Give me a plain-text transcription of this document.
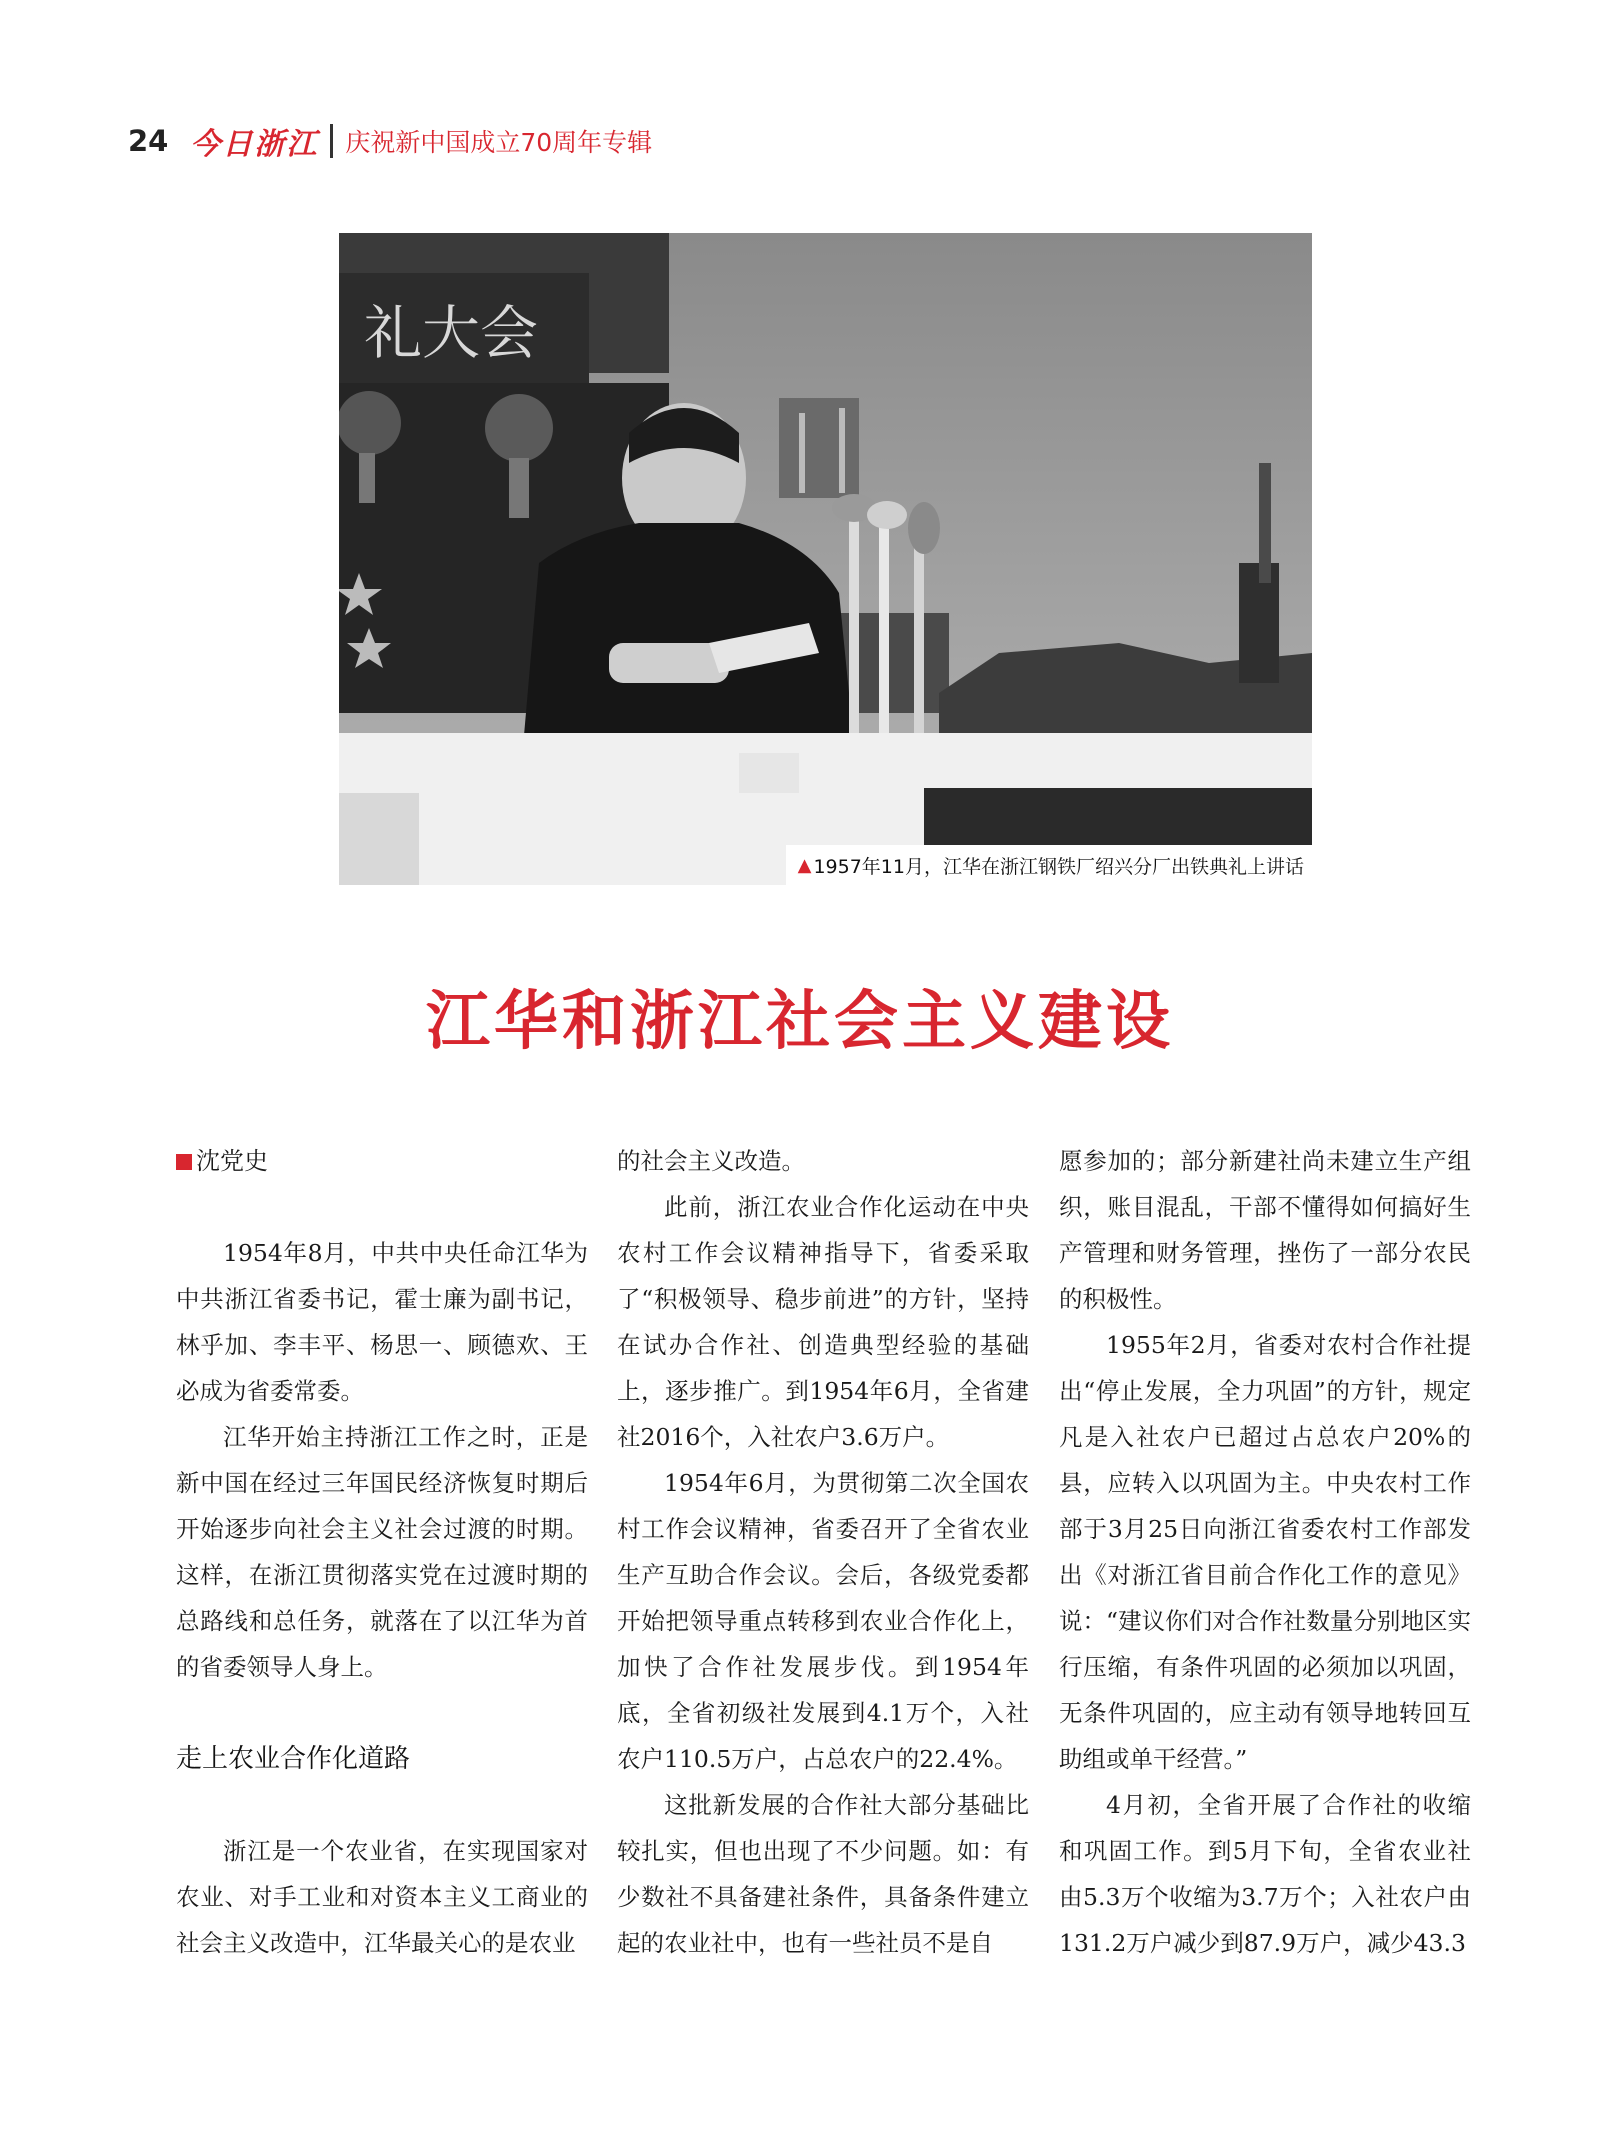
24 今日浙江 庆祝新中国成立70周年专辑
礼大会
▲ 1957年11月，江华在浙江钢铁厂绍兴分厂出铁典礼上讲话
江华和浙江社会主义建设
沈党史

1954年8月，中共中央任命江华为中共浙江省委书记，霍士廉为副书记，林乎加、李丰平、杨思一、顾德欢、王必成为省委常委。

江华开始主持浙江工作之时，正是新中国在经过三年国民经济恢复时期后开始逐步向社会主义社会过渡的时期。这样，在浙江贯彻落实党在过渡时期的总路线和总任务，就落在了以江华为首的省委领导人身上。

走上农业合作化道路

浙江是一个农业省，在实现国家对农业、对手工业和对资本主义工商业的社会主义改造中，江华最关心的是农业

的社会主义改造。

此前，浙江农业合作化运动在中央农村工作会议精神指导下，省委采取了“积极领导、稳步前进”的方针，坚持在试办合作社、创造典型经验的基础上，逐步推广。到1954年6月，全省建社2016个，入社农户3.6万户。

1954年6月，为贯彻第二次全国农村工作会议精神，省委召开了全省农业生产互助合作会议。会后，各级党委都开始把领导重点转移到农业合作化上，加快了合作社发展步伐。到1954年底，全省初级社发展到4.1万个，入社农户110.5万户，占总农户的22.4%。

这批新发展的合作社大部分基础比较扎实，但也出现了不少问题。如：有少数社不具备建社条件，具备条件建立起的农业社中，也有一些社员不是自

愿参加的；部分新建社尚未建立生产组织，账目混乱，干部不懂得如何搞好生产管理和财务管理，挫伤了一部分农民的积极性。

1955年2月，省委对农村合作社提出“停止发展，全力巩固”的方针，规定凡是入社农户已超过占总农户20%的县，应转入以巩固为主。中央农村工作部于3月25日向浙江省委农村工作部发出《对浙江省目前合作化工作的意见》说：“建议你们对合作社数量分别地区实行压缩，有条件巩固的必须加以巩固，无条件巩固的，应主动有领导地转回互助组或单干经营。”

4月初，全省开展了合作社的收缩和巩固工作。到5月下旬，全省农业社由5.3万个收缩为3.7万个；入社农户由131.2万户减少到87.9万户，减少43.3
